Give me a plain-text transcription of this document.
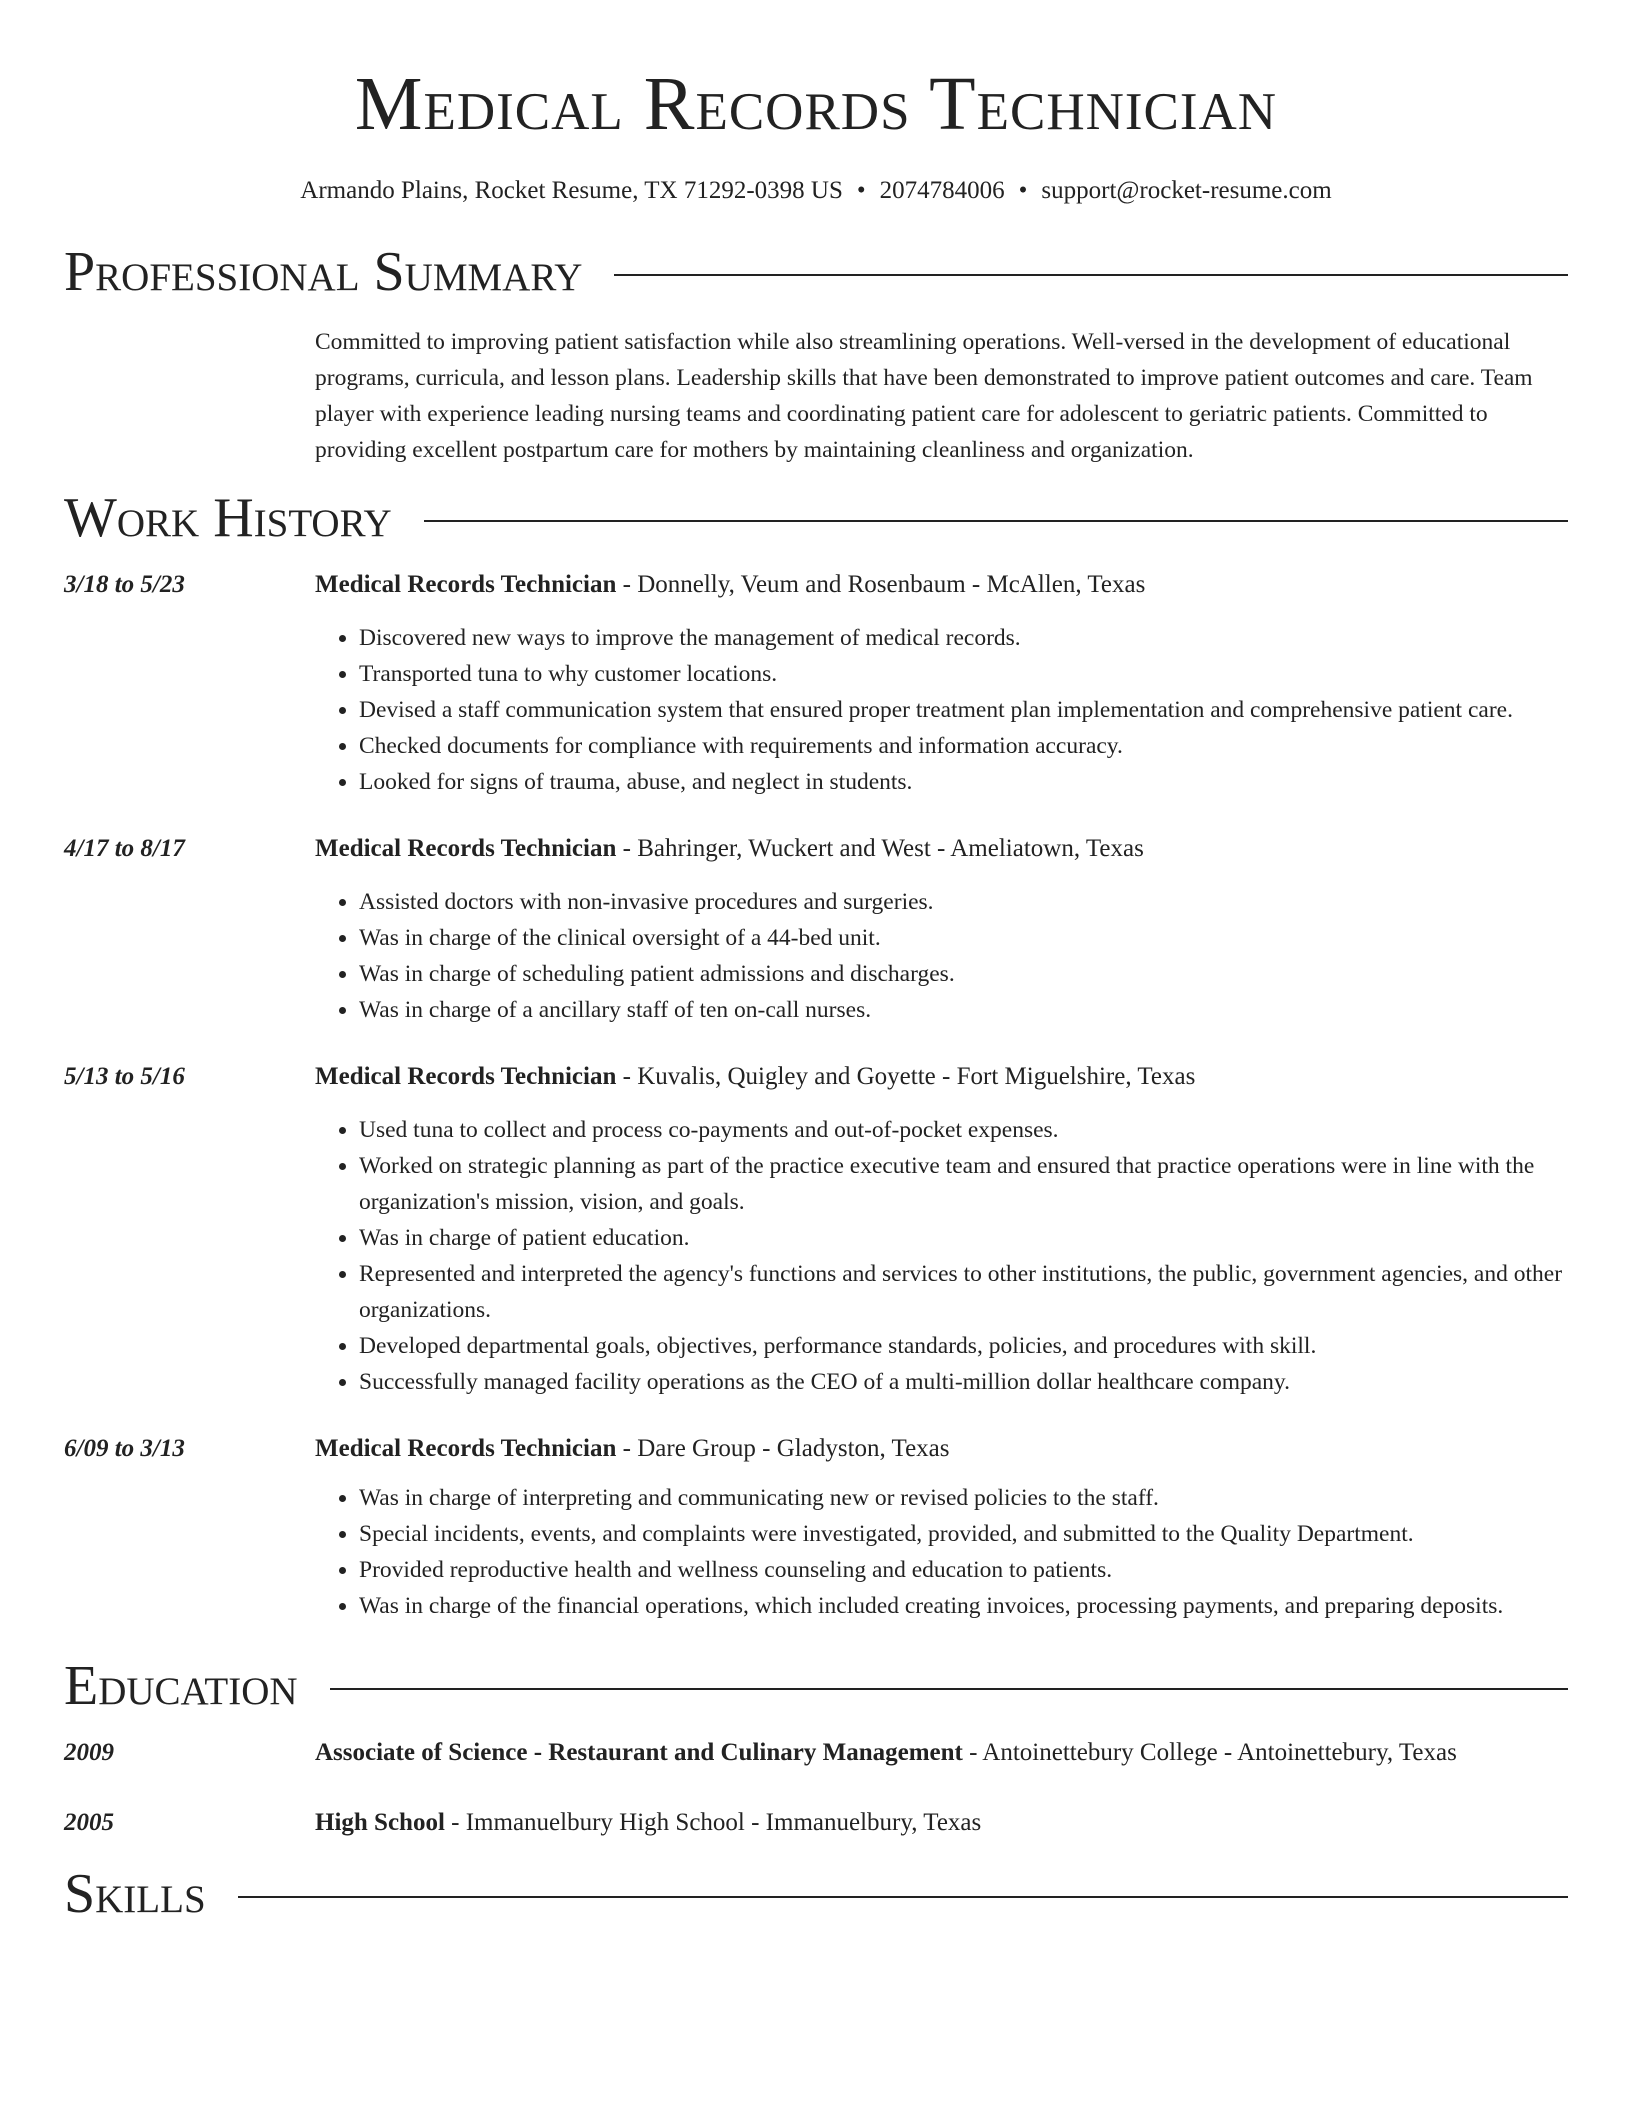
Medical Records Technician
Armando Plains, Rocket Resume, TX 71292-0398 US • 2074784006 • support@rocket-resume.com
Professional Summary
Committed to improving patient satisfaction while also streamlining operations. Well-versed in the development of educational programs, curricula, and lesson plans. Leadership skills that have been demonstrated to improve patient outcomes and care. Team player with experience leading nursing teams and coordinating patient care for adolescent to geriatric patients. Committed to providing excellent postpartum care for mothers by maintaining cleanliness and organization.
Work History
3/18 to 5/23	Medical Records Technician - Donnelly, Veum and Rosenbaum - McAllen, Texas
• Discovered new ways to improve the management of medical records.
• Transported tuna to why customer locations.
• Devised a staff communication system that ensured proper treatment plan implementation and comprehensive patient care.
• Checked documents for compliance with requirements and information accuracy.
• Looked for signs of trauma, abuse, and neglect in students.
4/17 to 8/17	Medical Records Technician - Bahringer, Wuckert and West - Ameliatown, Texas
• Assisted doctors with non-invasive procedures and surgeries.
• Was in charge of the clinical oversight of a 44-bed unit.
• Was in charge of scheduling patient admissions and discharges.
• Was in charge of a ancillary staff of ten on-call nurses.
5/13 to 5/16	Medical Records Technician - Kuvalis, Quigley and Goyette - Fort Miguelshire, Texas
• Used tuna to collect and process co-payments and out-of-pocket expenses.
• Worked on strategic planning as part of the practice executive team and ensured that practice operations were in line with the organization's mission, vision, and goals.
• Was in charge of patient education.
• Represented and interpreted the agency's functions and services to other institutions, the public, government agencies, and other organizations.
• Developed departmental goals, objectives, performance standards, policies, and procedures with skill.
• Successfully managed facility operations as the CEO of a multi-million dollar healthcare company.
6/09 to 3/13	Medical Records Technician - Dare Group - Gladyston, Texas
• Was in charge of interpreting and communicating new or revised policies to the staff.
• Special incidents, events, and complaints were investigated, provided, and submitted to the Quality Department.
• Provided reproductive health and wellness counseling and education to patients.
• Was in charge of the financial operations, which included creating invoices, processing payments, and preparing deposits.
Education
2009	Associate of Science - Restaurant and Culinary Management - Antoinettebury College - Antoinettebury, Texas
2005	High School - Immanuelbury High School - Immanuelbury, Texas
Skills
